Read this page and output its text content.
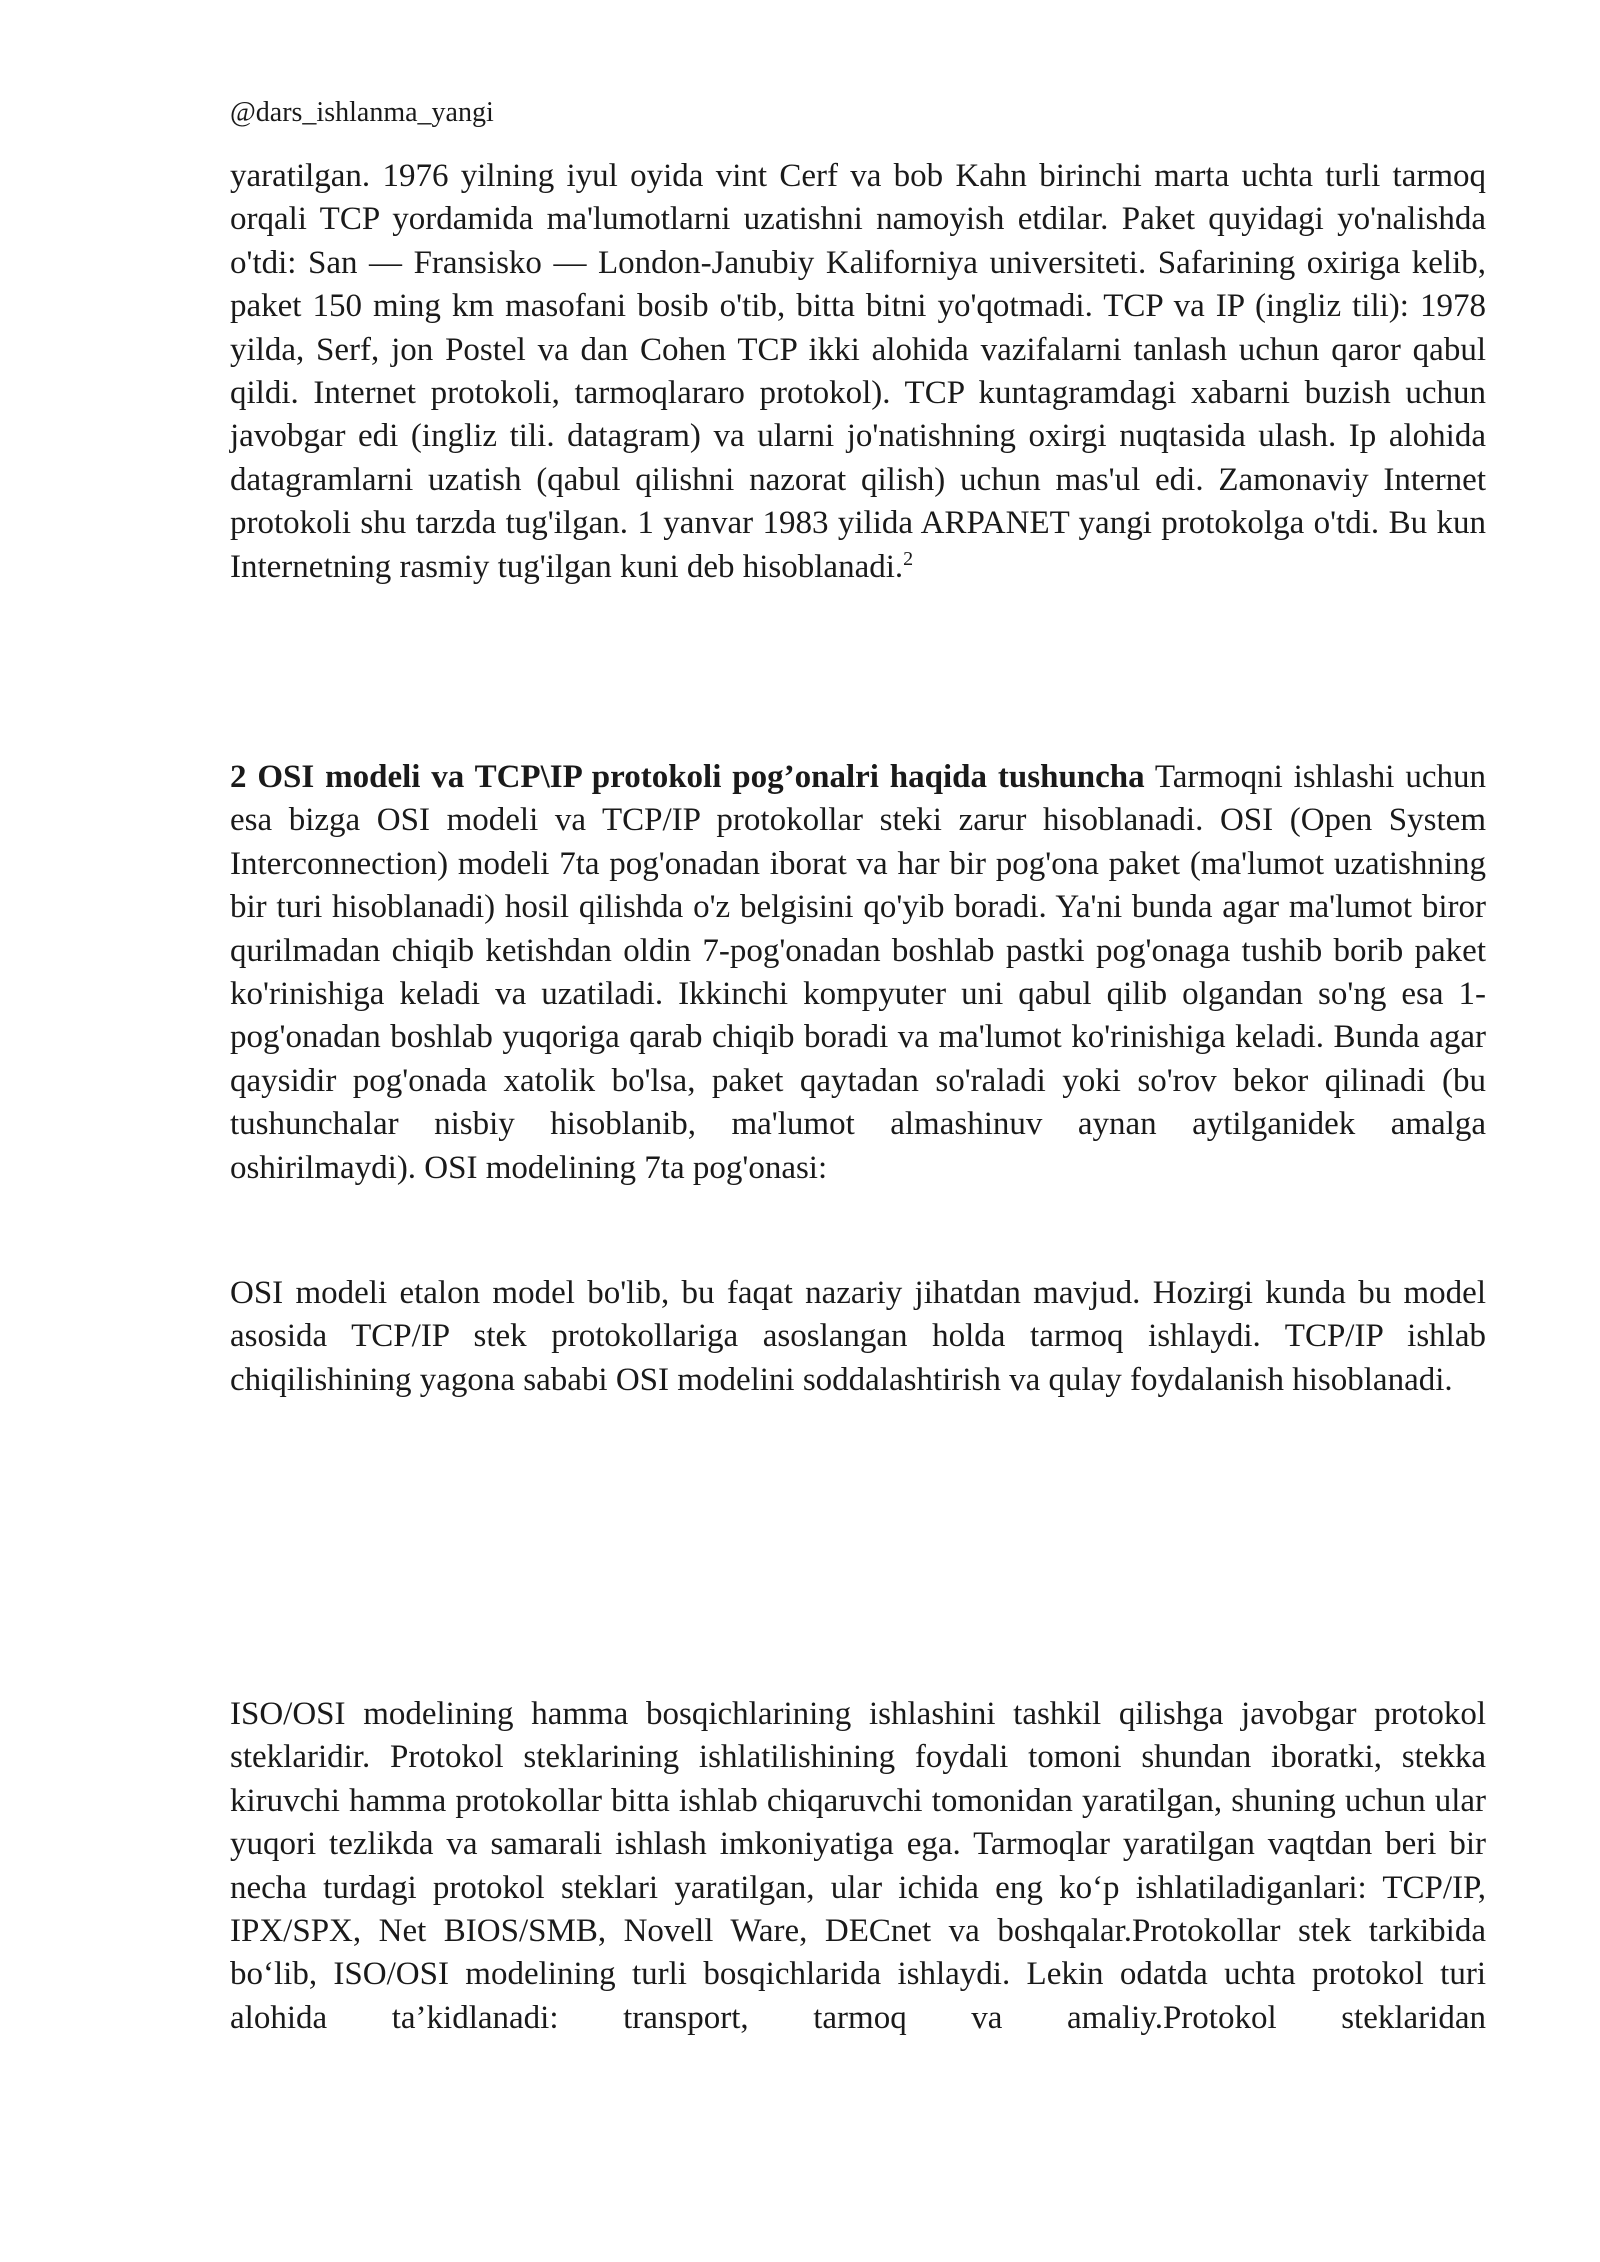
@dars_ishlanma_yangi

yaratilgan. 1976 yilning iyul oyida vint Cerf va bob Kahn birinchi marta uchta turli tarmoq orqali TCP yordamida ma'lumotlarni uzatishni namoyish etdilar. Paket quyidagi yo'nalishda o'tdi: San — Fransisko — London-Janubiy Kaliforniya universiteti. Safarining oxiriga kelib, paket 150 ming km masofani bosib o'tib, bitta bitni yo'qotmadi. TCP va IP (ingliz tili): 1978 yilda, Serf, jon Postel va dan Cohen TCP ikki alohida vazifalarni tanlash uchun qaror qabul qildi. Internet protokoli, tarmoqlararo protokol). TCP kuntagramdagi xabarni buzish uchun javobgar edi (ingliz tili. datagram) va ularni jo'natishning oxirgi nuqtasida ulash. Ip alohida datagramlarni uzatish (qabul qilishni nazorat qilish) uchun mas'ul edi. Zamonaviy Internet protokoli shu tarzda tug'ilgan. 1 yanvar 1983 yilida ARPANET yangi protokolga o'tdi. Bu kun Internetning rasmiy tug'ilgan kuni deb hisoblanadi.$^2$

2 OSI modeli va TCP\IP protokoli pog’onalri haqida tushuncha Tarmoqni ishlashi uchun esa bizga OSI modeli va TCP/IP protokollar steki zarur hisoblanadi. OSI (Open System Interconnection) modeli 7ta pog'onadan iborat va har bir pog'ona paket (ma'lumot uzatishning bir turi hisoblanadi) hosil qilishda o'z belgisini qo'yib boradi. Ya'ni bunda agar ma'lumot biror qurilmadan chiqib ketishdan oldin 7-pog'onadan boshlab pastki pog'onaga tushib borib paket ko'rinishiga keladi va uzatiladi. Ikkinchi kompyuter uni qabul qilib olgandan so'ng esa 1-pog'onadan boshlab yuqoriga qarab chiqib boradi va ma'lumot ko'rinishiga keladi. Bunda agar qaysidir pog'onada xatolik bo'lsa, paket qaytadan so'raladi yoki so'rov bekor qilinadi (bu tushunchalar nisbiy hisoblanib, ma'lumot almashinuv aynan aytilganidek amalga oshirilmaydi). OSI modelining 7ta pog'onasi:

OSI modeli etalon model bo'lib, bu faqat nazariy jihatdan mavjud. Hozirgi kunda bu model asosida TCP/IP stek protokollariga asoslangan holda tarmoq ishlaydi. TCP/IP ishlab chiqilishining yagona sababi OSI modelini soddalashtirish va qulay foydalanish hisoblanadi.

ISO/OSI modelining hamma bosqichlarining ishlashini tashkil qilishga javobgar protokol steklaridir. Protokol steklarining ishlatilishining foydali tomoni shundan iboratki, stekka kiruvchi hamma protokollar bitta ishlab chiqaruvchi tomonidan yaratilgan, shuning uchun ular yuqori tezlikda va samarali ishlash imkoniyatiga ega. Tarmoqlar yaratilgan vaqtdan beri bir necha turdagi protokol steklari yaratilgan, ular ichida eng ko‘p ishlatiladiganlari: TCP/IP, IPX/SPX, Net BIOS/SMB, Novell Ware, DECnet va boshqalar.Protokollar stek tarkibida bo‘lib, ISO/OSI modelining turli bosqichlarida ishlaydi. Lekin odatda uchta protokol turi alohida ta’kidlanadi: transport, tarmoq va amaliy.Protokol steklaridan
